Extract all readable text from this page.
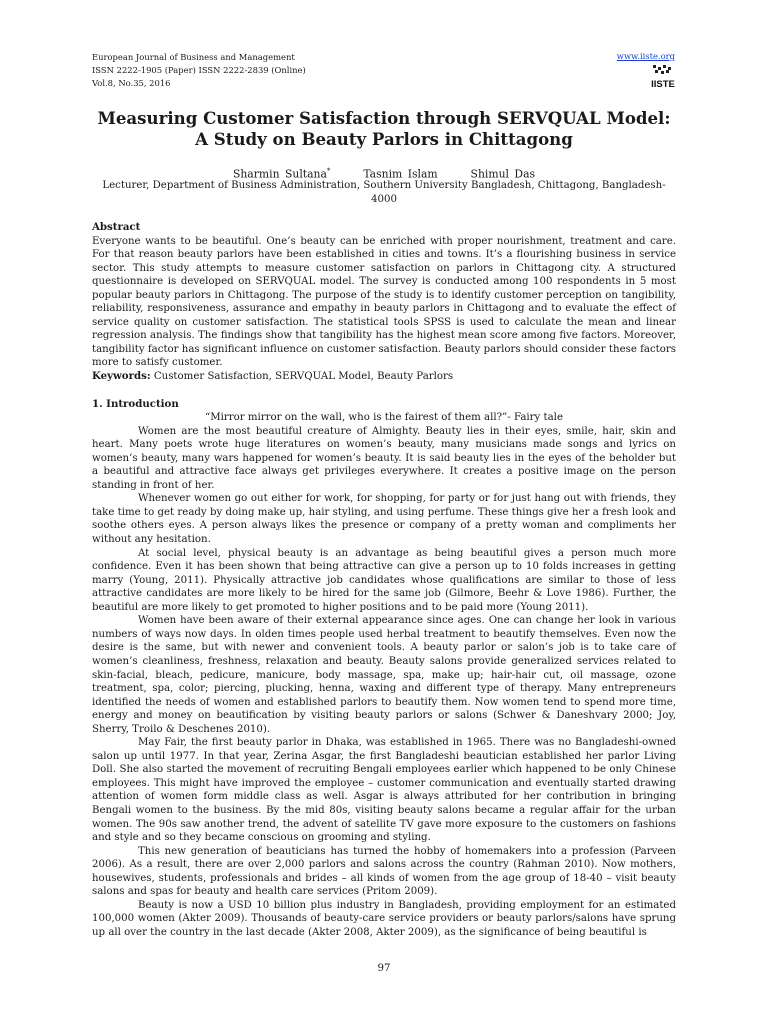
European Journal of Business and Management
ISSN 2222-1905 (Paper) ISSN 2222-2839 (Online)
Vol.8, No.35, 2016
www.iiste.org
IISTE
Measuring Customer Satisfaction through SERVQUAL Model:
A Study on Beauty Parlors in Chittagong
Sharmin Sultana*	Tasnim Islam	Shimul Das
Lecturer, Department of Business Administration, Southern University Bangladesh, Chittagong, Bangladesh-4000

Abstract

Everyone wants to be beautiful. One’s beauty can be enriched with proper nourishment, treatment and care. For that reason beauty parlors have been established in cities and towns. It’s a flourishing business in service sector. This study attempts to measure customer satisfaction on parlors in Chittagong city. A structured questionnaire is developed on SERVQUAL model. The survey is conducted among 100 respondents in 5 most popular beauty parlors in Chittagong. The purpose of the study is to identify customer perception on tangibility, reliability, responsiveness, assurance and empathy in beauty parlors in Chittagong and to evaluate the effect of service quality on customer satisfaction. The statistical tools SPSS is used to calculate the mean and linear regression analysis. The findings show that tangibility has the highest mean score among five factors. Moreover, tangibility factor has significant influence on customer satisfaction. Beauty parlors should consider these factors more to satisfy customer.

Keywords: Customer Satisfaction, SERVQUAL Model, Beauty Parlors

1. Introduction

“Mirror mirror on the wall, who is the fairest of them all?”- Fairy tale

Women are the most beautiful creature of Almighty. Beauty lies in their eyes, smile, hair, skin and heart. Many poets wrote huge literatures on women’s beauty, many musicians made songs and lyrics on women’s beauty, many wars happened for women’s beauty. It is said beauty lies in the eyes of the beholder but a beautiful and attractive face always get privileges everywhere. It creates a positive image on the person standing in front of her.

Whenever women go out either for work, for shopping, for party or for just hang out with friends, they take time to get ready by doing make up, hair styling, and using perfume. These things give her a fresh look and soothe others eyes. A person always likes the presence or company of a pretty woman and compliments her without any hesitation.

At social level, physical beauty is an advantage as being beautiful gives a person much more confidence. Even it has been shown that being attractive can give a person up to 10 folds increases in getting marry (Young, 2011). Physically attractive job candidates whose qualifications are similar to those of less attractive candidates are more likely to be hired for the same job (Gilmore, Beehr & Love 1986). Further, the beautiful are more likely to get promoted to higher positions and to be paid more (Young 2011).

Women have been aware of their external appearance since ages. One can change her look in various numbers of ways now days. In olden times people used herbal treatment to beautify themselves. Even now the desire is the same, but with newer and convenient tools. A beauty parlor or salon’s job is to take care of women’s cleanliness, freshness, relaxation and beauty. Beauty salons provide generalized services related to skin-facial, bleach, pedicure, manicure, body massage, spa, make up; hair-hair cut, oil massage, ozone treatment, spa, color; piercing, plucking, henna, waxing and different type of therapy. Many entrepreneurs identified the needs of women and established parlors to beautify them. Now women tend to spend more time, energy and money on beautification by visiting beauty parlors or salons (Schwer & Daneshvary 2000; Joy, Sherry, Troilo & Deschenes 2010).

May Fair, the first beauty parlor in Dhaka, was established in 1965. There was no Bangladeshi-owned salon up until 1977. In that year, Zerina Asgar, the first Bangladeshi beautician established her parlor Living Doll. She also started the movement of recruiting Bengali employees earlier which happened to be only Chinese employees. This might have improved the employee – customer communication and eventually started drawing attention of women form middle class as well. Asgar is always attributed for her contribution in bringing Bengali women to the business. By the mid 80s, visiting beauty salons became a regular affair for the urban women. The 90s saw another trend, the advent of satellite TV gave more exposure to the customers on fashions and style and so they became conscious on grooming and styling.

This new generation of beauticians has turned the hobby of homemakers into a profession (Parveen 2006). As a result, there are over 2,000 parlors and salons across the country (Rahman 2010). Now mothers, housewives, students, professionals and brides – all kinds of women from the age group of 18-40 – visit beauty salons and spas for beauty and health care services (Pritom 2009).

Beauty is now a USD 10 billion plus industry in Bangladesh, providing employment for an estimated 100,000 women (Akter 2009). Thousands of beauty-care service providers or beauty parlors/salons have sprung up all over the country in the last decade (Akter 2008, Akter 2009), as the significance of being beautiful is

97
